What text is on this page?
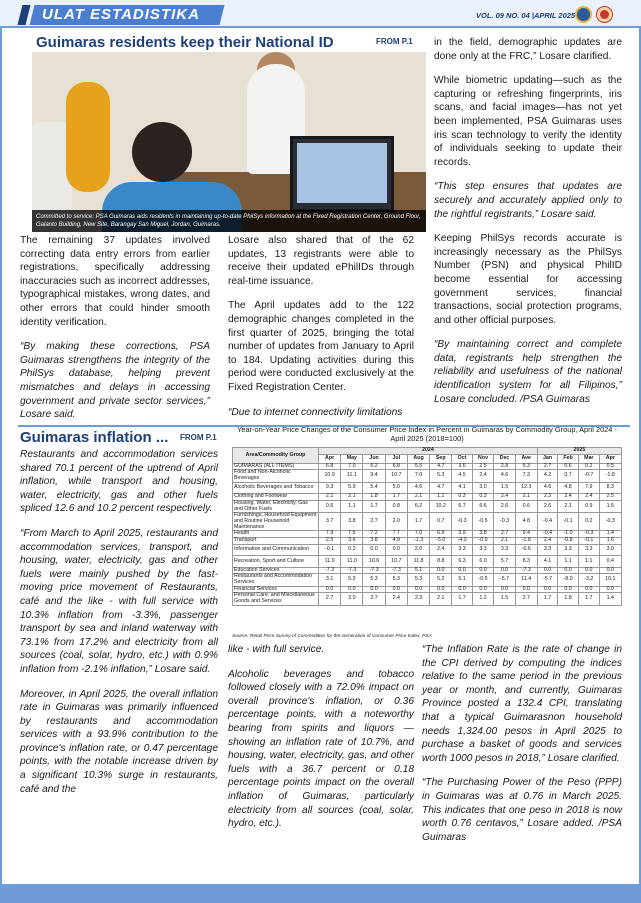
ULAT ESTADISTIKA	VOL. 09 NO. 04 |APRIL 2025
Guimaras residents keep their National ID	FROM P.1
Committed to service: PSA Guimaras aids residents in maintaining up-to-date PhilSys information at the Fixed Registration Center, Ground Floor, Galanto Building, New Site, Barangay San Miguel, Jordan, Guimaras.

The remaining 37 updates involved correcting data entry errors from earlier registrations, specifically addressing inaccuracies such as incorrect addresses, typographical mistakes, wrong dates, and other errors that could hinder smooth identity verification.

“By making these corrections, PSA Guimaras strengthens the integrity of the PhilSys database, helping prevent mismatches and delays in accessing government and private sector services,” Losare said.

Losare also shared that of the 62 updates, 13 registrants were able to receive their updated ePhilIDs through real-time issuance.

The April updates add to the 122 demographic changes completed in the first quarter of 2025, bringing the total number of updates from January to April to 184. Updating activities during this period were conducted exclusively at the Fixed Registration Center.

“Due to internet connectivity limitations

in the field, demographic updates are done only at the FRC,” Losare clarified.

While biometric updating—such as the capturing or refreshing fingerprints, iris scans, and facial images—has not yet been implemented, PSA Guimaras uses iris scan technology to verify the identity of individuals seeking to update their records.

“This step ensures that updates are securely and accurately applied only to the rightful registrants,” Losare said.

Keeping PhilSys records accurate is increasingly necessary as the PhilSys Number (PSN) and physical PhilID become essential for accessing government services, financial transactions, social protection programs, and other official purposes.

“By maintaining correct and complete data, registrants help strengthen the reliability and usefulness of the national identification system for all Filipinos,” Losare concluded. /PSA Guimaras

Guimaras inflation ... FROM P.1

Restaurants and accommodation services shared 70.1 percent of the uptrend of April inflation, while transport and housing, water, electricity, gas and other fuels spliced 12.6 and 10.2 percent respectively.

“From March to April 2025, restaurants and accommodation services, transport, and housing, water, electricity, gas and other fuels were mainly pushed by the fast-moving price movement of Restaurants, café and the like - with full service with 10.3% inflation from -3.3%, passenger transport by sea and inland waterway with 73.1% from 17.2% and electricity from all sources (coal, solar, hydro, etc.) with 0.9% inflation from -2.1% inflation,” Losare said.

Moreover, in April 2025, the overall inflation rate in Guimaras was primarily influenced by restaurants and accommodation services with a 93.9% contribution to the province's inflation rate, or 0.47 percentage points, with the notable increase driven by a significant 10.3% surge in restaurants, café and the

like - with full service.

Alcoholic beverages and tobacco followed closely with a 72.0% impact on overall province's inflation, or 0.36 percentage points, with a noteworthy bearing from spirits and liquors — showing an inflation rate of 10.7%, and housing, water, electricity, gas, and other fuels with a 36.7 percent or 0.18 percentage points impact on the overall inflation of Guimaras, particularly electricity from all sources (coal, solar, hydro, etc.).

“The Inflation Rate is the rate of change in the CPI derived by computing the indices relative to the same period in the previous year or month, and currently, Guimaras Province posted a 132.4 CPI, translating that a typical Guimarasnon household needs 1,324.00 pesos in April 2025 to purchase a basket of goods and services worth 1000 pesos in 2018,” Losare clarified.

“The Purchasing Power of the Peso (PPP) in Guimaras was at 0.76 in March 2025. This indicates that one peso in 2018 is now worth 0.76 centavos,” Losare added. /PSA Guimaras

Year-on-Year Price Changes of the Consumer Price Index in Percent in Guimaras by Commodity Group, April 2024 - April 2025 (2018=100)
Area/Commodity Group	2024										2025			
	Apr	May	Jun	Jul	Aug	Sep	Oct	Nov	Dec	Ave	Jan	Feb	Mar	Apr
GUIMARAS (ALL ITEMS)	6.8	7.0	6.2	6.8	5.5	4.7	3.6	2.5	2.8	5.3	2.7	0.6	0.2	0.5
Food and Non-Alcoholic Beverages	10.9	11.1	9.4	10.7	7.0	5.3	4.5	2.4	4.6	7.3	4.2	0.7	-0.7	-1.8
Alcoholic Beverages and Tobacco	9.3	5.9	5.4	5.0	4.6	4.7	4.1	3.0	1.5	12.3	4.6	4.8	7.9	8.3
Clothing and Footwear	2.1	2.1	1.8	1.7	2.1	1.1	0.3	0.3	2.4	2.1	2.3	2.4	2.4	2.5
Housing, Water, Electricity, Gas and Other Fuels	0.6	1.1	1.7	0.8	6.2	10.2	6.7	6.6	2.6	0.6	2.6	2.1	0.9	1.5
Furnishings, Household Equipment and Routine Household Maintenance	3.7	3.8	2.7	2.0	1.7	0.7	-0.3	-0.5	-0.3	4.8	-0.4	-0.1	0.2	-0.3
Health	7.9	7.5	7.2	7.7	7.0	6.9	3.9	3.8	2.7	9.4	-0.4	-1.0	-0.3	1.4
Transport	2.5	3.6	3.8	4.9	-1.3	-5.0	-4.0	-0.9	2.1	-1.8	2.4	-0.8	-0.1	1.6
Information and Communication	-0.1	0.2	0.0	0.0	2.0	2.4	3.3	3.3	3.3	-0.6	3.3	3.3	3.3	3.0
Recreation, Sport and Culture	11.0	11.0	10.6	10.7	11.8	8.8	6.3	6.0	5.7	8.3	4.1	1.1	1.1	0.4
Education Services	-7.3	-7.3	-7.3	-7.3	5.1	0.0	0.0	0.0	0.0	-7.3	0.0	0.0	0.0	0.0
Restaurants and Accommodation Services	3.1	5.3	5.3	5.3	5.3	5.2	5.1	-0.5	-5.7	11.4	-5.7	-8.0	-3.2	10.1
Financial Services	0.0	0.0	0.0	0.0	0.0	0.0	0.0	0.0	0.0	0.0	0.0	0.0	0.0	0.0
Personal Care, and Miscellaneous Goods and Services	2.7	3.0	2.7	2.4	2.3	2.1	1.7	1.2	1.5	2.7	1.7	1.8	1.7	1.4
Source: Retail Price Survey of Commodities for the Generation of Consumer Price Index, PSA
